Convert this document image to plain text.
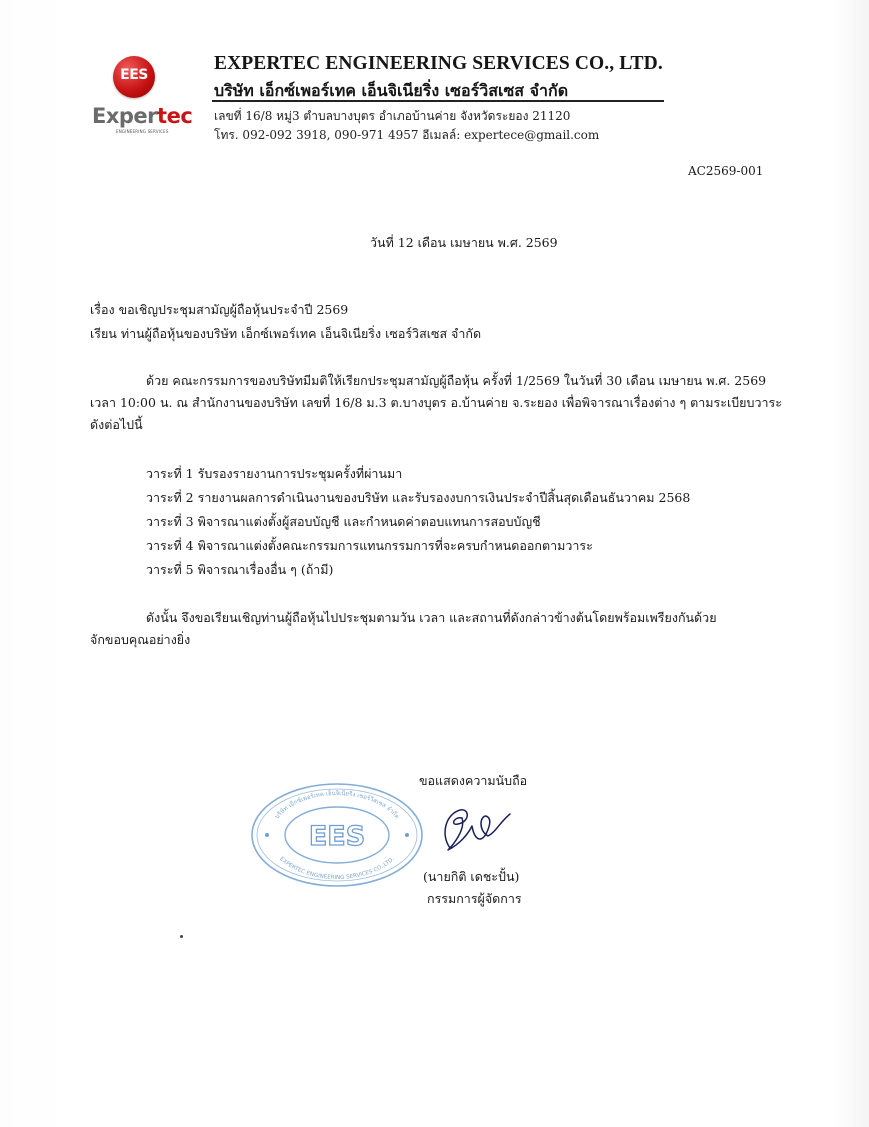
EES
Expertec
ENGINEERING SERVICES
EXPERTEC ENGINEERING SERVICES CO., LTD.
บริษัท เอ็กซ์เพอร์เทค เอ็นจิเนียริ่ง เซอร์วิสเซส จำกัด
เลขที่ 16/8 หมู่3 ตำบลบางบุตร อำเภอบ้านค่าย จังหวัดระยอง 21120
โทร. 092-092 3918, 090-971 4957 อีเมลล์: expertece@gmail.com
AC2569-001
วันที่ 12 เดือน เมษายน พ.ศ. 2569
เรื่อง ขอเชิญประชุมสามัญผู้ถือหุ้นประจำปี 2569
เรียน ท่านผู้ถือหุ้นของบริษัท เอ็กซ์เพอร์เทค เอ็นจิเนียริ่ง เซอร์วิสเซส จำกัด
ด้วย คณะกรรมการของบริษัทมีมติให้เรียกประชุมสามัญผู้ถือหุ้น ครั้งที่ 1/2569 ในวันที่ 30 เดือน เมษายน พ.ศ. 2569
เวลา 10:00 น. ณ สำนักงานของบริษัท เลขที่ 16/8 ม.3 ต.บางบุตร อ.บ้านค่าย จ.ระยอง เพื่อพิจารณาเรื่องต่าง ๆ ตามระเบียบวาระ
ดังต่อไปนี้
วาระที่ 1 รับรองรายงานการประชุมครั้งที่ผ่านมา
วาระที่ 2 รายงานผลการดำเนินงานของบริษัท และรับรองงบการเงินประจำปีสิ้นสุดเดือนธันวาคม 2568
วาระที่ 3 พิจารณาแต่งตั้งผู้สอบบัญชี และกำหนดค่าตอบแทนการสอบบัญชี
วาระที่ 4 พิจารณาแต่งตั้งคณะกรรมการแทนกรรมการที่จะครบกำหนดออกตามวาระ
วาระที่ 5 พิจารณาเรื่องอื่น ๆ (ถ้ามี)
ดังนั้น จึงขอเรียนเชิญท่านผู้ถือหุ้นไปประชุมตามวัน เวลา และสถานที่ดังกล่าวข้างต้นโดยพร้อมเพรียงกันด้วย
จักขอบคุณอย่างยิ่ง
ขอแสดงความนับถือ
บริษัท เอ็กซ์เพอร์เทค เอ็นจิเนียริ่ง เซอร์วิสเซส จำกัด
EXPERTEC ENGINEERING SERVICES CO.,LTD.
EES
(นายกิติ เดชะปั้น)
กรรมการผู้จัดการ
